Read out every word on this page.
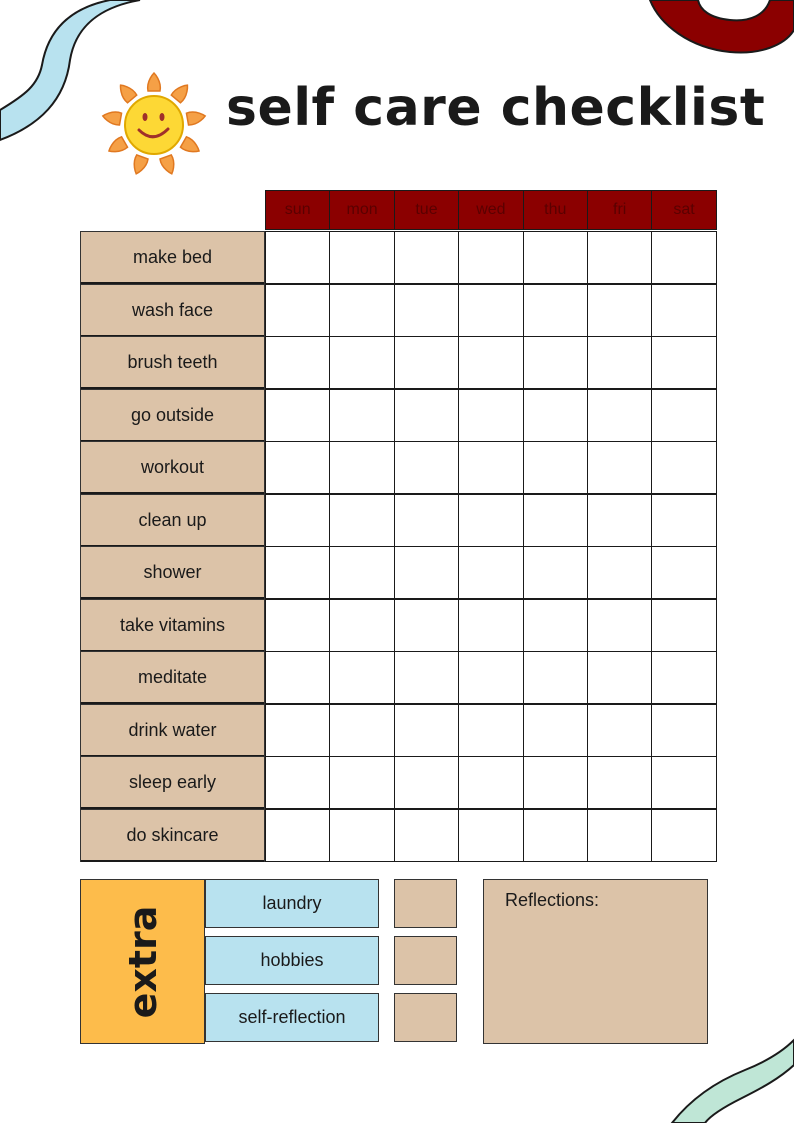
self care checklist
sun	mon	tue	wed	thu	fri	sat
make bed
wash face
brush teeth
go outside
workout
clean up
shower
take vitamins
meditate
drink water
sleep early
do skincare
extra
laundry
hobbies
self-reflection
Reflections:
